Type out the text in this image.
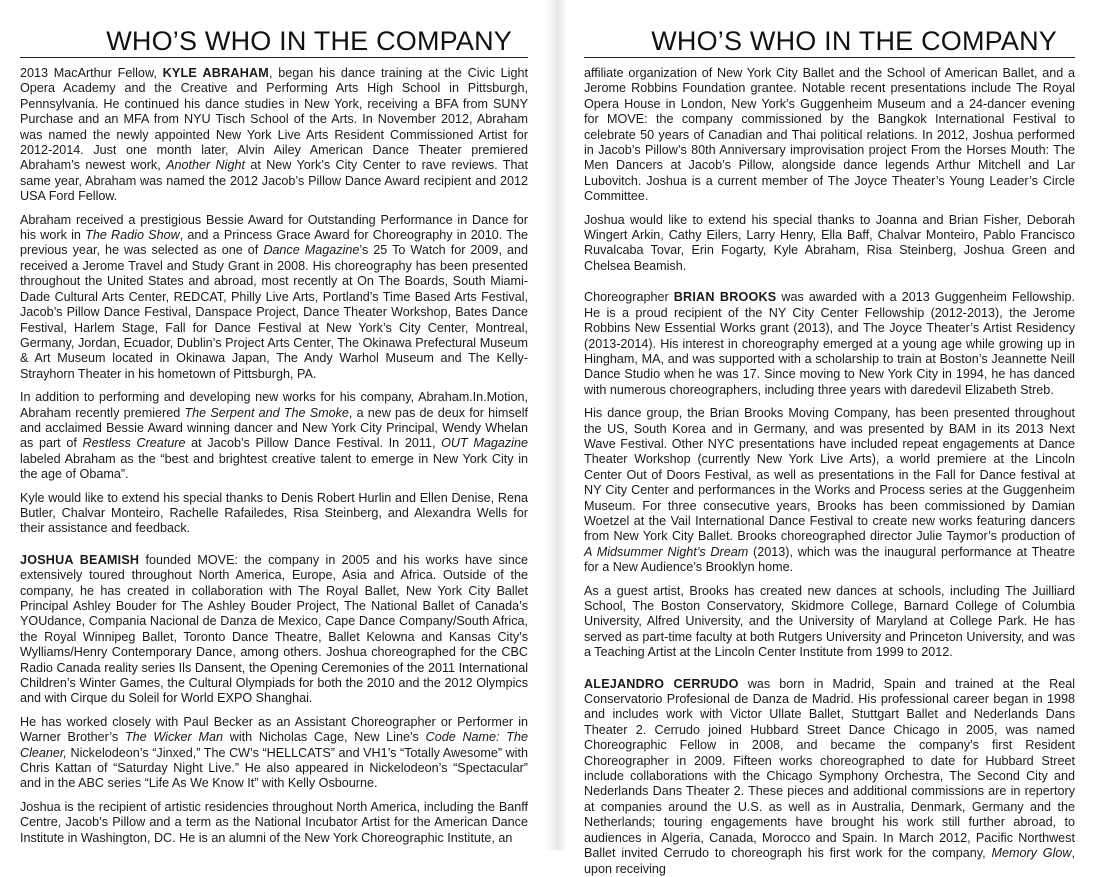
WHO’S WHO IN THE COMPANY

2013 MacArthur Fellow, KYLE ABRAHAM, began his dance training at the Civic Light Opera Academy and the Creative and Performing Arts High School in Pittsburgh, Pennsylvania. He continued his dance studies in New York, receiving a BFA from SUNY Purchase and an MFA from NYU Tisch School of the Arts. In November 2012, Abraham was named the newly appointed New York Live Arts Resident Commissioned Artist for 2012-2014. Just one month later, Alvin Ailey American Dance Theater premiered Abraham’s newest work, Another Night at New York’s City Center to rave reviews. That same year, Abraham was named the 2012 Jacob’s Pillow Dance Award recipient and 2012 USA Ford Fellow.

Abraham received a prestigious Bessie Award for Outstanding Performance in Dance for his work in The Radio Show, and a Princess Grace Award for Choreography in 2010. The previous year, he was selected as one of Dance Magazine’s 25 To Watch for 2009, and received a Jerome Travel and Study Grant in 2008. His choreography has been presented throughout the United States and abroad, most recently at On The Boards, South Miami-Dade Cultural Arts Center, REDCAT, Philly Live Arts, Portland’s Time Based Arts Festival, Jacob’s Pillow Dance Festival, Danspace Project, Dance Theater Workshop, Bates Dance Festival, Harlem Stage, Fall for Dance Festival at New York’s City Center, Montreal, Germany, Jordan, Ecuador, Dublin’s Project Arts Center, The Okinawa Prefectural Museum & Art Museum located in Okinawa Japan, The Andy Warhol Museum and The Kelly-Strayhorn Theater in his hometown of Pittsburgh, PA.

In addition to performing and developing new works for his company, Abraham.In.Motion, Abraham recently premiered The Serpent and The Smoke, a new pas de deux for himself and acclaimed Bessie Award winning dancer and New York City Principal, Wendy Whelan as part of Restless Creature at Jacob’s Pillow Dance Festival. In 2011, OUT Magazine labeled Abraham as the “best and brightest creative talent to emerge in New York City in the age of Obama”.

Kyle would like to extend his special thanks to Denis Robert Hurlin and Ellen Denise, Rena Butler, Chalvar Monteiro, Rachelle Rafailedes, Risa Steinberg, and Alexandra Wells for their assistance and feedback.

JOSHUA BEAMISH founded MOVE: the company in 2005 and his works have since extensively toured throughout North America, Europe, Asia and Africa. Outside of the company, he has created in collaboration with The Royal Ballet, New York City Ballet Principal Ashley Bouder for The Ashley Bouder Project, The National Ballet of Canada’s YOUdance, Compania Nacional de Danza de Mexico, Cape Dance Company/South Africa, the Royal Winnipeg Ballet, Toronto Dance Theatre, Ballet Kelowna and Kansas City’s Wylliams/Henry Contemporary Dance, among others. Joshua choreographed for the CBC Radio Canada reality series Ils Dansent, the Opening Ceremonies of the 2011 International Children’s Winter Games, the Cultural Olympiads for both the 2010 and the 2012 Olympics and with Cirque du Soleil for World EXPO Shanghai.

He has worked closely with Paul Becker as an Assistant Choreographer or Performer in Warner Brother’s The Wicker Man with Nicholas Cage, New Line’s Code Name: The Cleaner, Nickelodeon’s “Jinxed,” The CW’s “HELLCATS” and VH1’s “Totally Awesome” with Chris Kattan of “Saturday Night Live.” He also appeared in Nickelodeon’s “Spectacular” and in the ABC series “Life As We Know It” with Kelly Osbourne.

Joshua is the recipient of artistic residencies throughout North America, including the Banff Centre, Jacob’s Pillow and a term as the National Incubator Artist for the American Dance Institute in Washington, DC. He is an alumni of the New York Choreographic Institute, an

WHO’S WHO IN THE COMPANY

affiliate organization of New York City Ballet and the School of American Ballet, and a Jerome Robbins Foundation grantee. Notable recent presentations include The Royal Opera House in London, New York’s Guggenheim Museum and a 24-dancer evening for MOVE: the company commissioned by the Bangkok International Festival to celebrate 50 years of Canadian and Thai political relations. In 2012, Joshua performed in Jacob’s Pillow’s 80th Anniversary improvisation project From the Horses Mouth: The Men Dancers at Jacob’s Pillow, alongside dance legends Arthur Mitchell and Lar Lubovitch. Joshua is a current member of The Joyce Theater’s Young Leader’s Circle Committee.

Joshua would like to extend his special thanks to Joanna and Brian Fisher, Deborah Wingert Arkin, Cathy Eilers, Larry Henry, Ella Baff, Chalvar Monteiro, Pablo Francisco Ruvalcaba Tovar, Erin Fogarty, Kyle Abraham, Risa Steinberg, Joshua Green and Chelsea Beamish.

Choreographer BRIAN BROOKS was awarded with a 2013 Guggenheim Fellowship. He is a proud recipient of the NY City Center Fellowship (2012-2013), the Jerome Robbins New Essential Works grant (2013), and The Joyce Theater’s Artist Residency (2013-2014). His interest in choreography emerged at a young age while growing up in Hingham, MA, and was supported with a scholarship to train at Boston’s Jeannette Neill Dance Studio when he was 17. Since moving to New York City in 1994, he has danced with numerous choreographers, including three years with daredevil Elizabeth Streb.

His dance group, the Brian Brooks Moving Company, has been presented throughout the US, South Korea and in Germany, and was presented by BAM in its 2013 Next Wave Festival. Other NYC presentations have included repeat engagements at Dance Theater Workshop (currently New York Live Arts), a world premiere at the Lincoln Center Out of Doors Festival, as well as presentations in the Fall for Dance festival at NY City Center and performances in the Works and Process series at the Guggenheim Museum. For three consecutive years, Brooks has been commissioned by Damian Woetzel at the Vail International Dance Festival to create new works featuring dancers from New York City Ballet. Brooks choreographed director Julie Taymor’s production of A Midsummer Night’s Dream (2013), which was the inaugural performance at Theatre for a New Audience’s Brooklyn home.

As a guest artist, Brooks has created new dances at schools, including The Juilliard School, The Boston Conservatory, Skidmore College, Barnard College of Columbia University, Alfred University, and the University of Maryland at College Park. He has served as part-time faculty at both Rutgers University and Princeton University, and was a Teaching Artist at the Lincoln Center Institute from 1999 to 2012.

ALEJANDRO CERRUDO was born in Madrid, Spain and trained at the Real Conservatorio Profesional de Danza de Madrid. His professional career began in 1998 and includes work with Victor Ullate Ballet, Stuttgart Ballet and Nederlands Dans Theater 2. Cerrudo joined Hubbard Street Dance Chicago in 2005, was named Choreographic Fellow in 2008, and became the company’s first Resident Choreographer in 2009. Fifteen works choreographed to date for Hubbard Street include collaborations with the Chicago Symphony Orchestra, The Second City and Nederlands Dans Theater 2. These pieces and additional commissions are in repertory at companies around the U.S. as well as in Australia, Denmark, Germany and the Netherlands; touring engagements have brought his work still further abroad, to audiences in Algeria, Canada, Morocco and Spain. In March 2012, Pacific Northwest Ballet invited Cerrudo to choreograph his first work for the company, Memory Glow, upon receiving
